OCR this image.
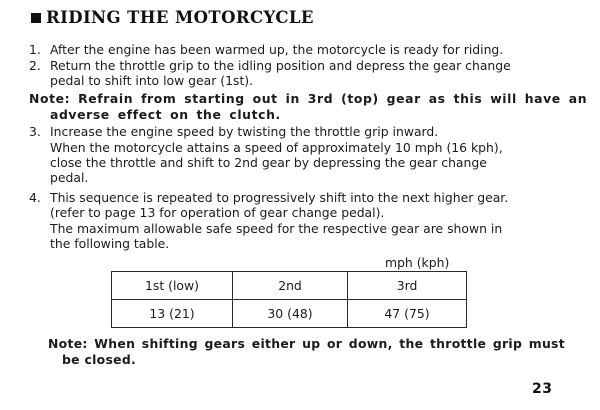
RIDING THE MOTORCYCLE
1. After the engine has been warmed up, the motorcycle is ready for riding.
2. Return the throttle grip to the idling position and depress the gear change
pedal to shift into low gear (1st).
Note: Refrain from starting out in 3rd (top) gear as this will have an
adverse effect on the clutch.
3. Increase the engine speed by twisting the throttle grip inward.
When the motorcycle attains a speed of approximately 10 mph (16 kph),
close the throttle and shift to 2nd gear by depressing the gear change
pedal.
4. This sequence is repeated to progressively shift into the next higher gear.
(refer to page 13 for operation of gear change pedal).
The maximum allowable safe speed for the respective gear are shown in
the following table.
mph (kph)
1st (low)	2nd	3rd
13 (21)	30 (48)	47 (75)
Note: When shifting gears either up or down, the throttle grip must
be closed.
23
